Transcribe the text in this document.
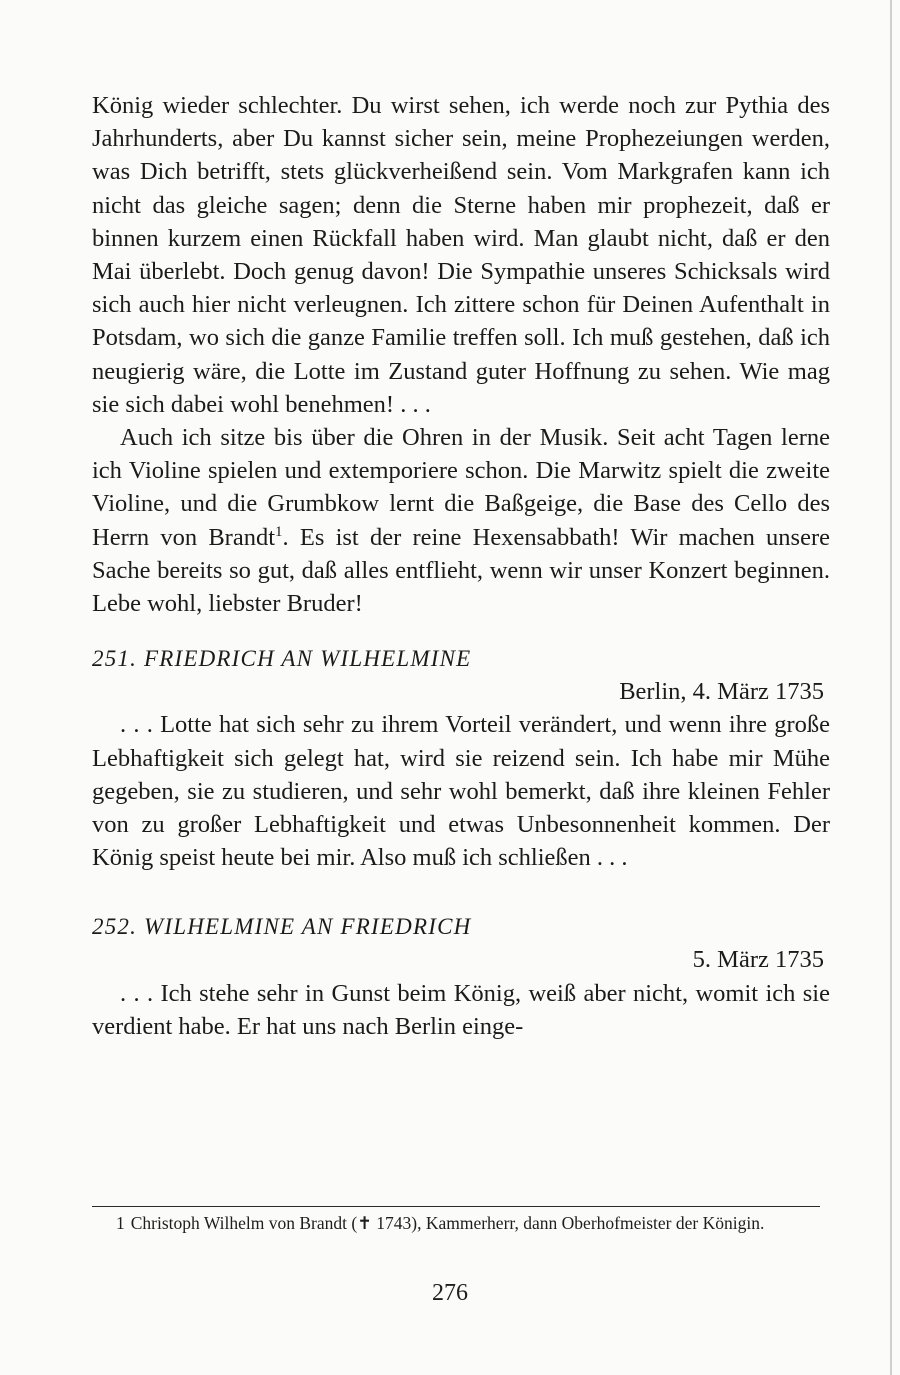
König wieder schlechter. Du wirst sehen, ich werde noch zur Pythia des Jahrhunderts, aber Du kannst sicher sein, meine Prophezeiungen werden, was Dich betrifft, stets glückverheißend sein. Vom Markgrafen kann ich nicht das gleiche sagen; denn die Sterne haben mir prophezeit, daß er binnen kurzem einen Rückfall haben wird. Man glaubt nicht, daß er den Mai überlebt. Doch genug davon! Die Sympathie unseres Schicksals wird sich auch hier nicht verleugnen. Ich zittere schon für Deinen Aufenthalt in Potsdam, wo sich die ganze Familie treffen soll. Ich muß gestehen, daß ich neugierig wäre, die Lotte im Zustand guter Hoffnung zu sehen. Wie mag sie sich dabei wohl benehmen! . . .

Auch ich sitze bis über die Ohren in der Musik. Seit acht Tagen lerne ich Violine spielen und extemporiere schon. Die Marwitz spielt die zweite Violine, und die Grumbkow lernt die Baßgeige, die Base des Cello des Herrn von Brandt$^1$. Es ist der reine Hexensabbath! Wir machen unsere Sache bereits so gut, daß alles entflieht, wenn wir unser Konzert beginnen. Lebe wohl, liebster Bruder!

251. FRIEDRICH AN WILHELMINE

Berlin, 4. März 1735

. . . Lotte hat sich sehr zu ihrem Vorteil verändert, und wenn ihre große Lebhaftigkeit sich gelegt hat, wird sie reizend sein. Ich habe mir Mühe gegeben, sie zu studieren, und sehr wohl bemerkt, daß ihre kleinen Fehler von zu großer Lebhaftigkeit und etwas Unbesonnenheit kommen. Der König speist heute bei mir. Also muß ich schließen . . .

252. WILHELMINE AN FRIEDRICH

5. März 1735

. . . Ich stehe sehr in Gunst beim König, weiß aber nicht, womit ich sie verdient habe. Er hat uns nach Berlin einge-

1 Christoph Wilhelm von Brandt (✝ 1743), Kammerherr, dann Oberhofmeister der Königin.
276
